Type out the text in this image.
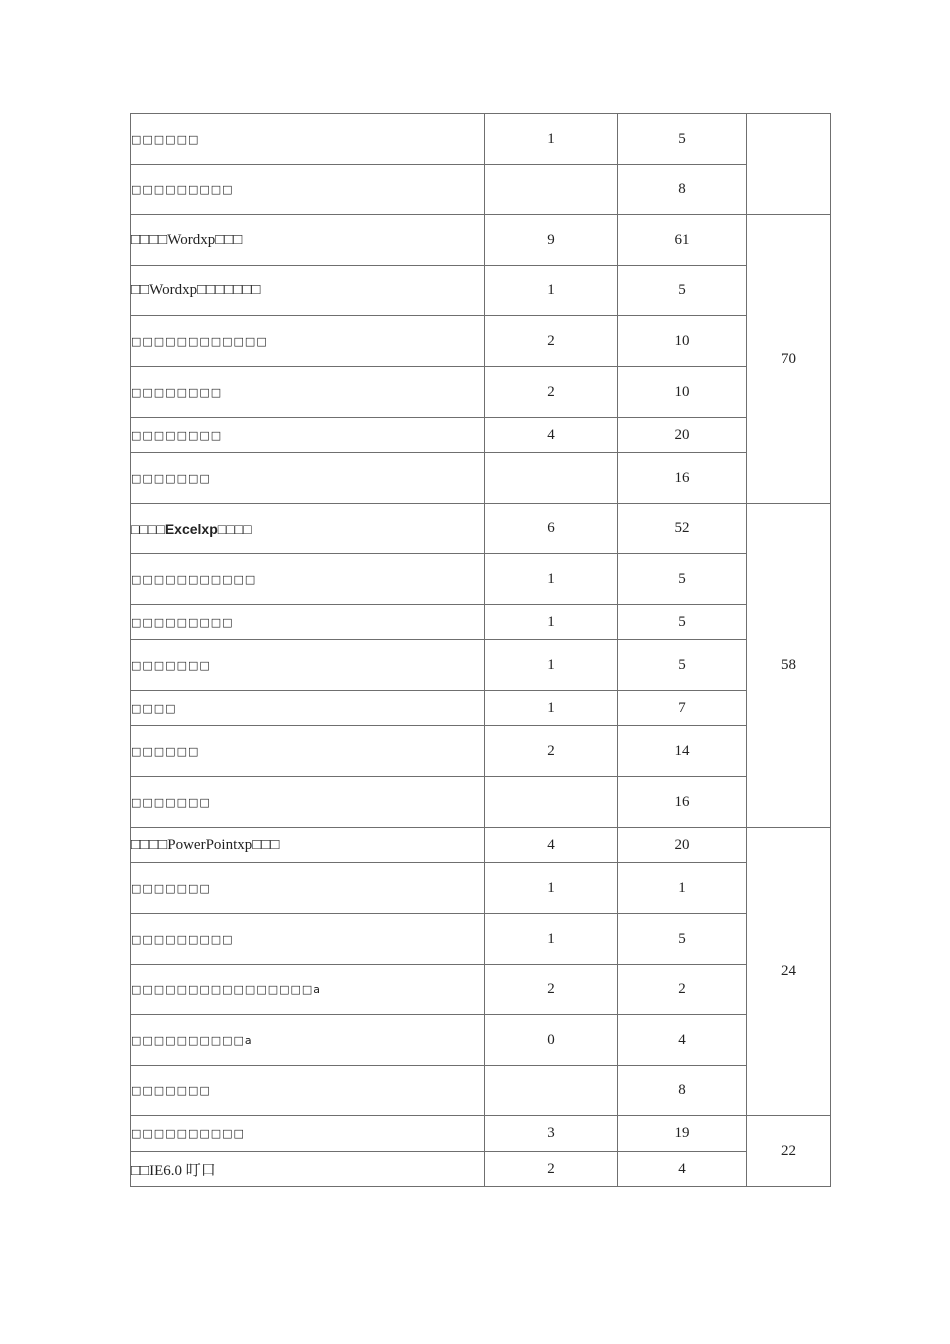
□□□□□□	1	5	
□□□□□□□□□		8	
□□□□Wordxp□□□	9	61	70
□□Wordxp□□□□□□□	1	5	
□□□□□□□□□□□□	2	10	
□□□□□□□□	2	10	
□□□□□□□□	4	20	
□□□□□□□		16	
□□□□Excelxp□□□□	6	52	58
□□□□□□□□□□□	1	5	
□□□□□□□□□	1	5	
□□□□□□□	1	5	
□□□□	1	7	
□□□□□□	2	14	
□□□□□□□		16	
□□□□PowerPointxp□□□	4	20	24
□□□□□□□	1	1	
□□□□□□□□□	1	5	
□□□□□□□□□□□□□□□□a	2	2	
□□□□□□□□□□a	0	4	
□□□□□□□		8	
□□□□□□□□□□	3	19	22
□□IE6.0 叮口	2	4	
